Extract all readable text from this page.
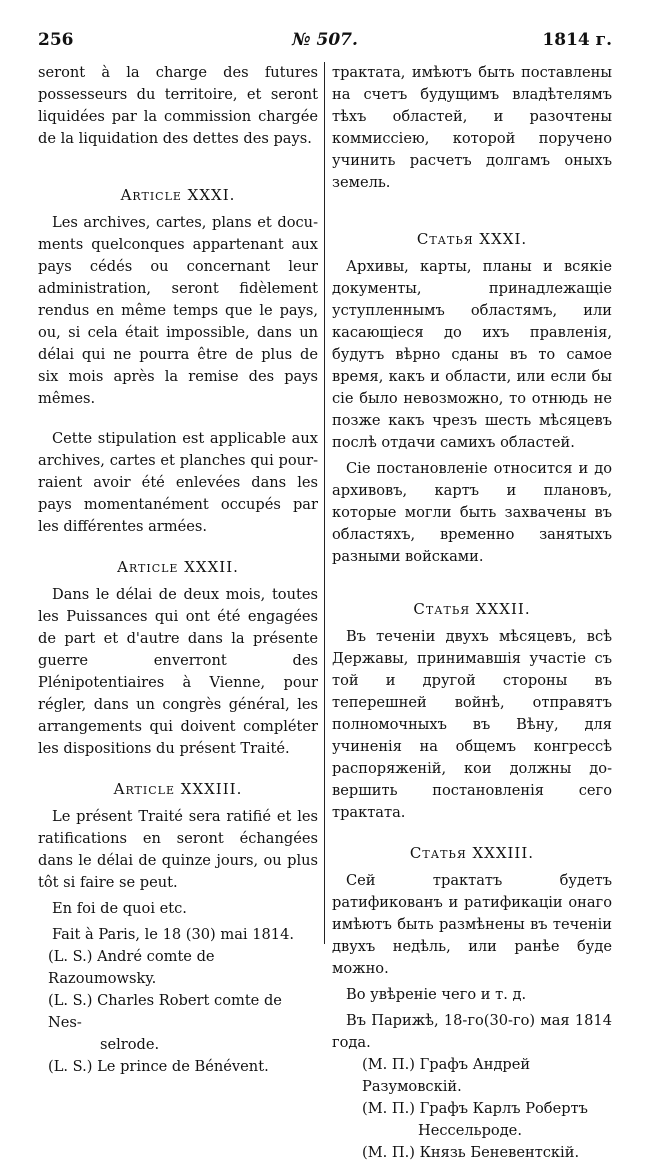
256	№ 507.	1814 г.

seront à la charge des futures possesseurs du territoire, et seront liquidées par la commission chargée de la liquidation des dettes des pays.

Article XXXI.

Les archives, cartes, plans et documents quelconques appartenant aux pays cédés ou concernant leur administration, seront fidèlement rendus en même temps que le pays, ou, si cela était impossible, dans un délai qui ne pourra être de plus de six mois après la remise des pays mêmes.

Cette stipulation est applicable aux archives, cartes et planches qui pourraient avoir été enlevées dans les pays momentanément occupés par les différentes armées.

Article XXXII.

Dans le délai de deux mois, toutes les Puissances qui ont été engagées de part et d'autre dans la présente guerre enverront des Plénipotentiaires à Vienne, pour régler, dans un congrès général, les arrangements qui doivent compléter les dispositions du présent Traité.

Article XXXIII.

Le présent Traité sera ratifié et les ratifications en seront échangées dans le délai de quinze jours, ou plus tôt si faire se peut.

En foi de quoi etc.

Fait à Paris, le 18 (30) mai 1814.

(L. S.) André comte de Razoumowsky.

(L. S.) Charles Robert comte de Nes-
selrode.

(L. S.) Le prince de Bénévent.

трактата, имѣютъ быть поставлены на счетъ будущимъ владѣтелямъ тѣхъ областей, и разочтены коммиссіею, которой поручено учинить расчетъ долгамъ оныхъ земель.

Статья XXXI.

Архивы, карты, планы и всякіе документы, принадлежащіе уступленнымъ областямъ, или касающіеся до ихъ правленія, будутъ вѣрно сданы въ то самое время, какъ и области, или если бы сіе было невозможно, то отнюдь не позже какъ чрезъ шесть мѣсяцевъ послѣ отдачи самихъ областей.

Сіе постановленіе относится и до архивовъ, картъ и плановъ, которые могли быть захвачены въ областяхъ, временно занятыхъ разными войсками.

Статья XXXII.

Въ теченіи двухъ мѣсяцевъ, всѣ Державы, принимавшія участіе съ той и другой стороны въ теперешней войнѣ, отправятъ полномочныхъ въ Вѣну, для учиненія на общемъ конгрессѣ распоряженій, кои должны довершить постановленія сего трактата.

Статья XXXIII.

Сей трактатъ будетъ ратификованъ и ратификаціи онаго имѣютъ быть размѣнены въ теченіи двухъ недѣль, или ранѣе буде можно.

Во увѣреніе чего и т. д.

Въ Парижѣ, 18-го(30-го) мая 1814 года.

(М. П.) Графъ Андрей Разумовскій.

(М. П.) Графъ Карлъ Робертъ
Нессельроде.

(М. П.) Князь Беневентскій.
